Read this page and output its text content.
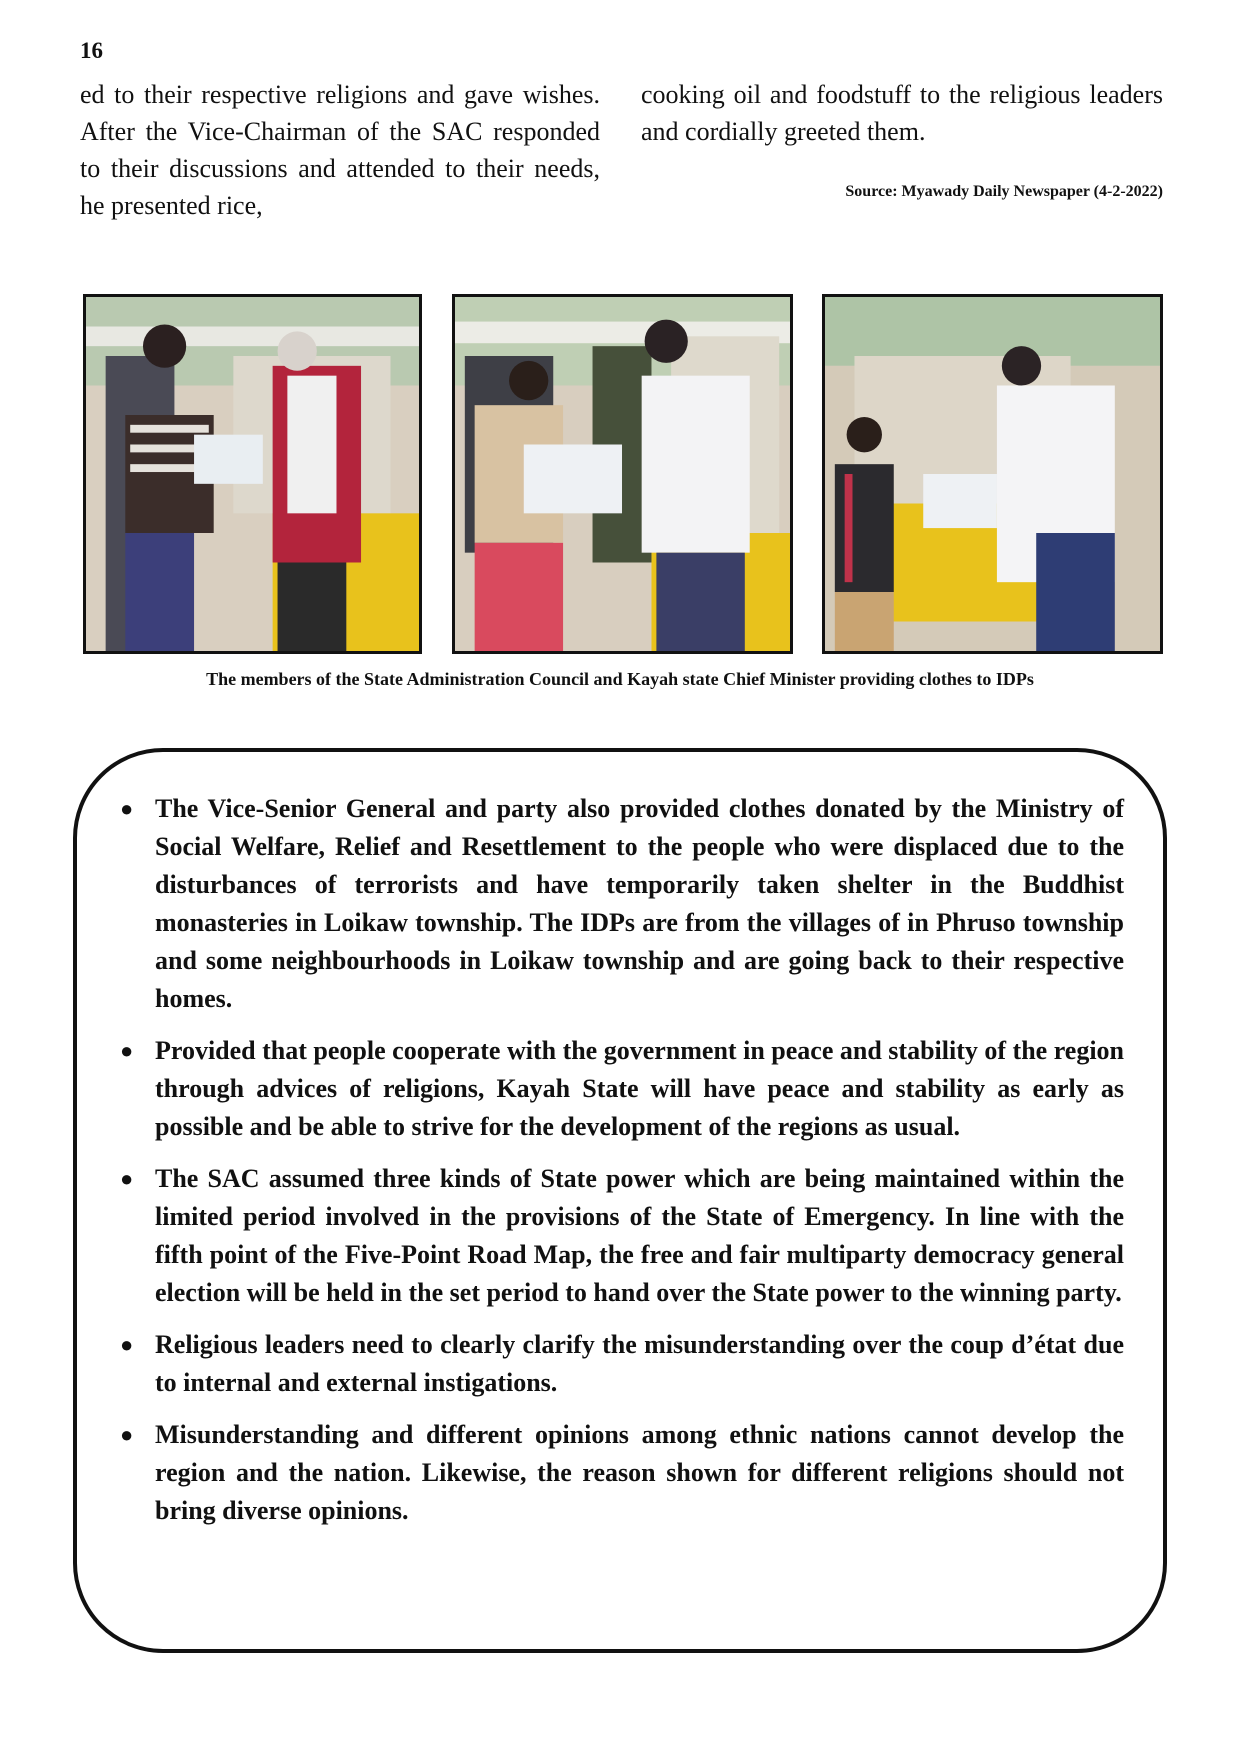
16
ed to their respective religions and gave wishes. After the Vice-Chairman of the SAC responded to their discussions and attended to their needs, he presented rice,
cooking oil and foodstuff to the religious leaders and cordially greeted them.
Source: Myawady Daily Newspaper (4-2-2022)
The members of the State Administration Council and Kayah state Chief Minister providing clothes to IDPs
● The Vice-Senior General and party also provided clothes donated by the Ministry of Social Welfare, Relief and Resettlement to the people who were displaced due to the disturbances of terrorists and have temporarily taken shelter in the Buddhist monasteries in Loikaw township. The IDPs are from the villages of in Phruso township and some neighbourhoods in Loikaw township and are going back to their respective homes.
● Provided that people cooperate with the government in peace and stability of the region through advices of religions, Kayah State will have peace and stability as early as possible and be able to strive for the development of the regions as usual.
● The SAC assumed three kinds of State power which are being maintained within the limited period involved in the provisions of the State of Emergency. In line with the fifth point of the Five-Point Road Map, the free and fair multiparty democracy general election will be held in the set period to hand over the State power to the winning party.
● Religious leaders need to clearly clarify the misunderstanding over the coup d’état due to internal and external instigations.
● Misunderstanding and different opinions among ethnic nations cannot develop the region and the nation. Likewise, the reason shown for different religions should not bring diverse opinions.
